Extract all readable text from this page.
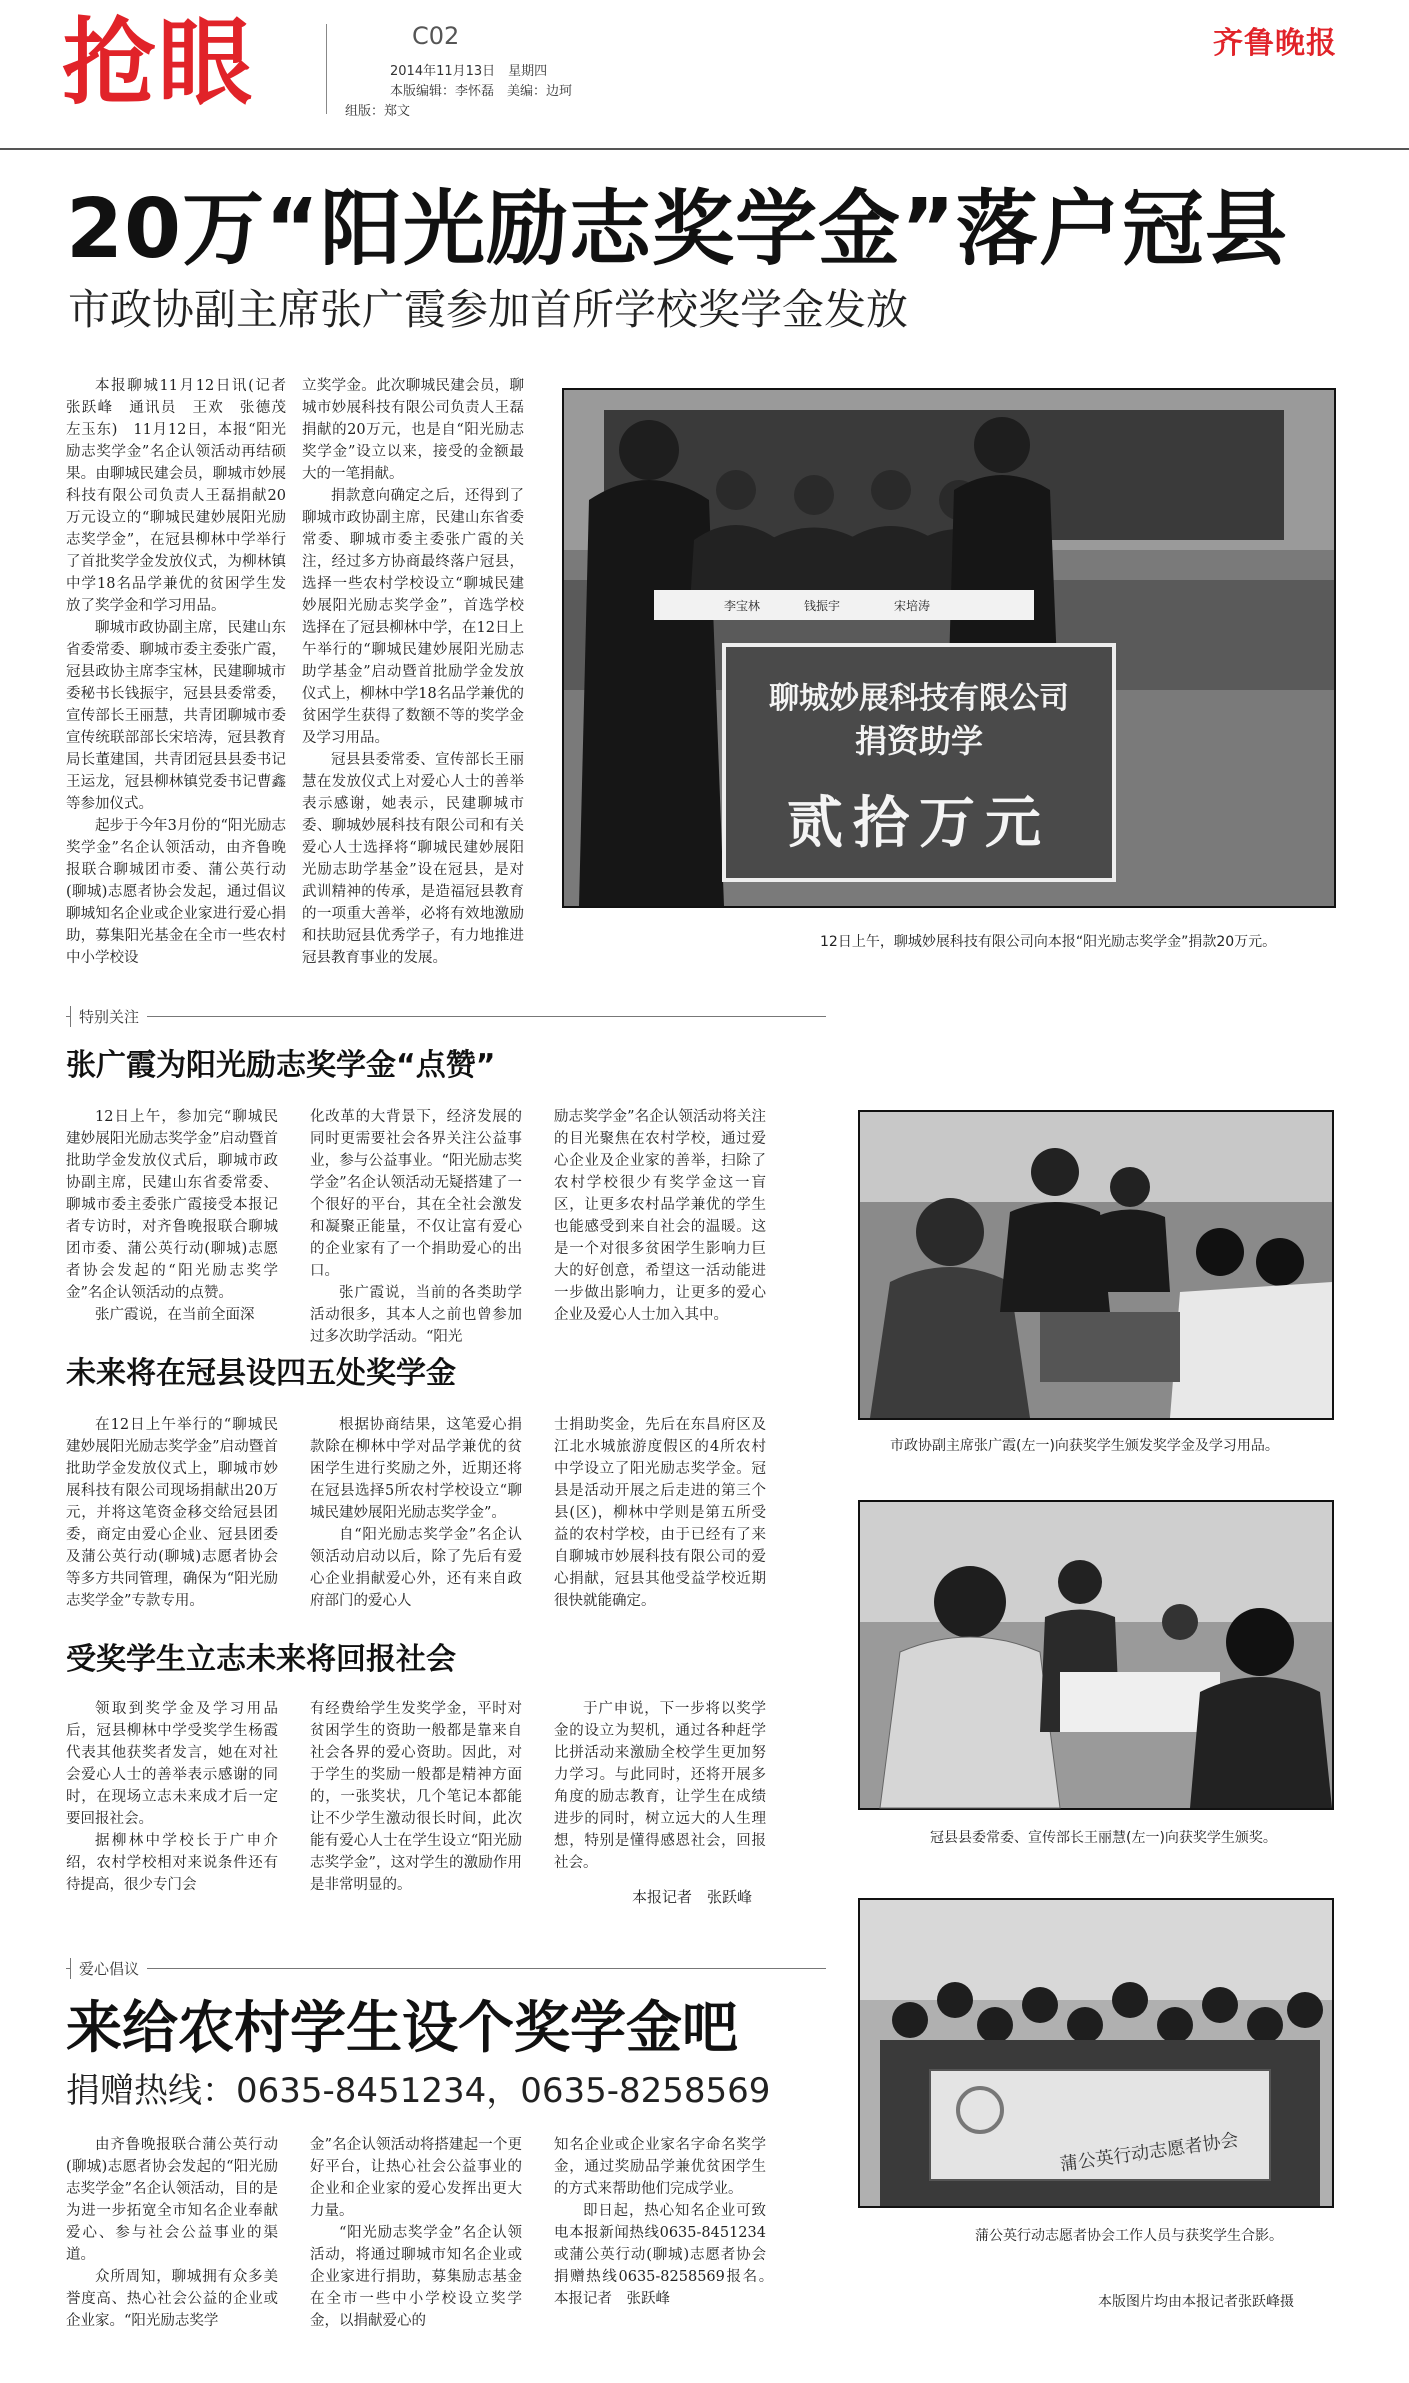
抢眼	C02
2014年11月13日　星期四
本版编辑：李怀磊　美编：边珂
组版：郑文
齐鲁晚报
20万“阳光励志奖学金”落户冠县
市政协副主席张广霞参加首所学校奖学金发放

本报聊城11月12日讯(记者　张跃峰　通讯员　王欢　张德茂　左玉东)　11月12日，本报“阳光励志奖学金”名企认领活动再结硕果。由聊城民建会员，聊城市妙展科技有限公司负责人王磊捐献20万元设立的“聊城民建妙展阳光励志奖学金”，在冠县柳林中学举行了首批奖学金发放仪式，为柳林镇中学18名品学兼优的贫困学生发放了奖学金和学习用品。

聊城市政协副主席，民建山东省委常委、聊城市委主委张广霞，冠县政协主席李宝林，民建聊城市委秘书长钱振宇，冠县县委常委，宣传部长王丽慧，共青团聊城市委宣传统联部部长宋培涛，冠县教育局长董建国，共青团冠县县委书记王运龙，冠县柳林镇党委书记曹鑫等参加仪式。

起步于今年3月份的“阳光励志奖学金”名企认领活动，由齐鲁晚报联合聊城团市委、蒲公英行动(聊城)志愿者协会发起，通过倡议聊城知名企业或企业家进行爱心捐助，募集阳光基金在全市一些农村中小学校设

立奖学金。此次聊城民建会员，聊城市妙展科技有限公司负责人王磊捐献的20万元，也是自“阳光励志奖学金”设立以来，接受的金额最大的一笔捐献。

捐款意向确定之后，还得到了聊城市政协副主席，民建山东省委常委、聊城市委主委张广霞的关注，经过多方协商最终落户冠县，选择一些农村学校设立“聊城民建妙展阳光励志奖学金”，首选学校选择在了冠县柳林中学，在12日上午举行的“聊城民建妙展阳光励志助学基金”启动暨首批励学金发放仪式上，柳林中学18名品学兼优的贫困学生获得了数额不等的奖学金及学习用品。

冠县县委常委、宣传部长王丽慧在发放仪式上对爱心人士的善举表示感谢，她表示，民建聊城市委、聊城妙展科技有限公司和有关爱心人士选择将“聊城民建妙展阳光励志助学基金”设在冠县，是对武训精神的传承，是造福冠县教育的一项重大善举，必将有效地激励和扶助冠县优秀学子，有力地推进冠县教育事业的发展。

李宝林	钱振宇	宋培涛
聊城妙展科技有限公司
捐资助学
贰拾万元
12日上午，聊城妙展科技有限公司向本报“阳光励志奖学金”捐款20万元。
特别关注
张广霞为阳光励志奖学金“点赞”

12日上午，参加完“聊城民建妙展阳光励志奖学金”启动暨首批助学金发放仪式后，聊城市政协副主席，民建山东省委常委、聊城市委主委张广霞接受本报记者专访时，对齐鲁晚报联合聊城团市委、蒲公英行动(聊城)志愿者协会发起的“阳光励志奖学金”名企认领活动的点赞。

张广霞说，在当前全面深

化改革的大背景下，经济发展的同时更需要社会各界关注公益事业，参与公益事业。“阳光励志奖学金”名企认领活动无疑搭建了一个很好的平台，其在全社会激发和凝聚正能量，不仅让富有爱心的企业家有了一个捐助爱心的出口。

张广霞说，当前的各类助学活动很多，其本人之前也曾参加过多次助学活动。“阳光

励志奖学金”名企认领活动将关注的目光聚焦在农村学校，通过爱心企业及企业家的善举，扫除了农村学校很少有奖学金这一盲区，让更多农村品学兼优的学生也能感受到来自社会的温暖。这是一个对很多贫困学生影响力巨大的好创意，希望这一活动能进一步做出影响力，让更多的爱心企业及爱心人士加入其中。

未来将在冠县设四五处奖学金

在12日上午举行的“聊城民建妙展阳光励志奖学金”启动暨首批助学金发放仪式上，聊城市妙展科技有限公司现场捐献出20万元，并将这笔资金移交给冠县团委，商定由爱心企业、冠县团委及蒲公英行动(聊城)志愿者协会等多方共同管理，确保为“阳光励志奖学金”专款专用。

根据协商结果，这笔爱心捐款除在柳林中学对品学兼优的贫困学生进行奖励之外，近期还将在冠县选择5所农村学校设立“聊城民建妙展阳光励志奖学金”。

自“阳光励志奖学金”名企认领活动启动以后，除了先后有爱心企业捐献爱心外，还有来自政府部门的爱心人

士捐助奖金，先后在东昌府区及江北水城旅游度假区的4所农村中学设立了阳光励志奖学金。冠县是活动开展之后走进的第三个县(区)，柳林中学则是第五所受益的农村学校，由于已经有了来自聊城市妙展科技有限公司的爱心捐献，冠县其他受益学校近期很快就能确定。

受奖学生立志未来将回报社会

领取到奖学金及学习用品后，冠县柳林中学受奖学生杨霞代表其他获奖者发言，她在对社会爱心人士的善举表示感谢的同时，在现场立志未来成才后一定要回报社会。

据柳林中学校长于广申介绍，农村学校相对来说条件还有待提高，很少专门会

有经费给学生发奖学金，平时对贫困学生的资助一般都是靠来自社会各界的爱心资助。因此，对于学生的奖励一般都是精神方面的，一张奖状，几个笔记本都能让不少学生激动很长时间，此次能有爱心人士在学生设立“阳光励志奖学金”，这对学生的激励作用是非常明显的。

于广申说，下一步将以奖学金的设立为契机，通过各种赶学比拼活动来激励全校学生更加努力学习。与此同时，还将开展多角度的励志教育，让学生在成绩进步的同时，树立远大的人生理想，特别是懂得感恩社会，回报社会。

本报记者　张跃峰
爱心倡议
来给农村学生设个奖学金吧
捐赠热线：0635-8451234，0635-8258569

由齐鲁晚报联合蒲公英行动(聊城)志愿者协会发起的“阳光励志奖学金”名企认领活动，目的是为进一步拓宽全市知名企业奉献爱心、参与社会公益事业的渠道。

众所周知，聊城拥有众多美誉度高、热心社会公益的企业或企业家。“阳光励志奖学

金”名企认领活动将搭建起一个更好平台，让热心社会公益事业的企业和企业家的爱心发挥出更大力量。

“阳光励志奖学金”名企认领活动，将通过聊城市知名企业或企业家进行捐助，募集励志基金在全市一些中小学校设立奖学金，以捐献爱心的

知名企业或企业家名字命名奖学金，通过奖励品学兼优贫困学生的方式来帮助他们完成学业。

即日起，热心知名企业可致电本报新闻热线0635-8451234或蒲公英行动(聊城)志愿者协会捐赠热线0635-8258569报名。　　本报记者　张跃峰

市政协副主席张广霞(左一)向获奖学生颁发奖学金及学习用品。
冠县县委常委、宣传部长王丽慧(左一)向获奖学生颁奖。
蒲公英行动志愿者协会
蒲公英行动志愿者协会工作人员与获奖学生合影。
本版图片均由本报记者张跃峰摄
